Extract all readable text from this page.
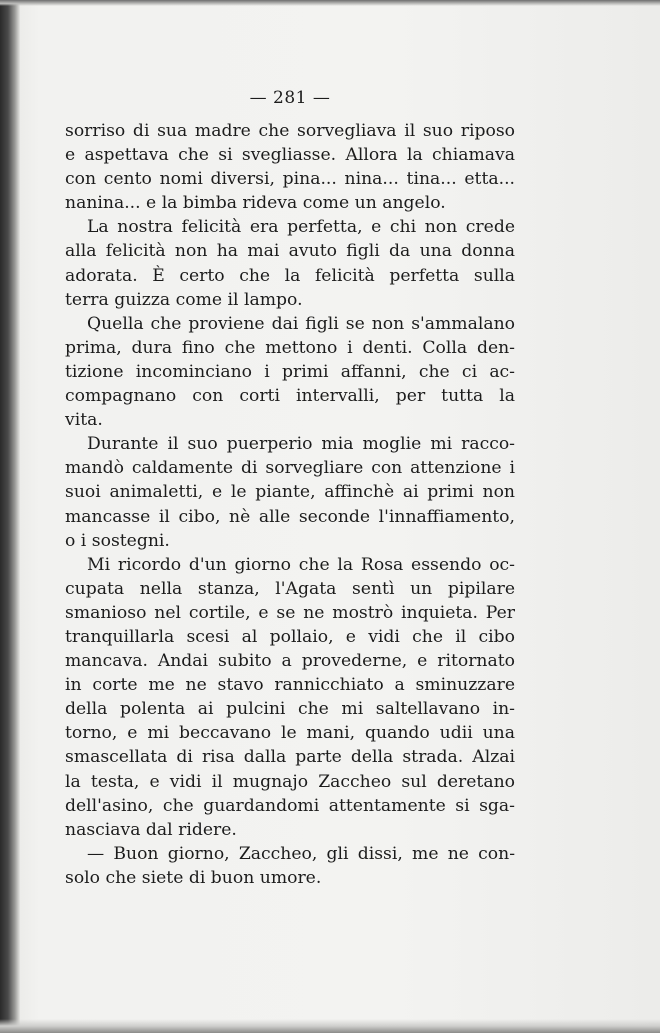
— 281 —
sorriso di sua madre che sorvegliava il suo riposo
e aspettava che si svegliasse. Allora la chiamava
con cento nomi diversi, pina... nina... tina... etta...
nanina... e la bimba rideva come un angelo.
La nostra felicità era perfetta, e chi non crede
alla felicità non ha mai avuto figli da una donna
adorata. È certo che la felicità perfetta sulla
terra guizza come il lampo.
Quella che proviene dai figli se non s'ammalano
prima, dura fino che mettono i denti. Colla den-
tizione incominciano i primi affanni, che ci ac-
compagnano con corti intervalli, per tutta la
vita.
Durante il suo puerperio mia moglie mi racco-
mandò caldamente di sorvegliare con attenzione i
suoi animaletti, e le piante, affinchè ai primi non
mancasse il cibo, nè alle seconde l'innaffiamento,
o i sostegni.
Mi ricordo d'un giorno che la Rosa essendo oc-
cupata nella stanza, l'Agata sentì un pipilare
smanioso nel cortile, e se ne mostrò inquieta. Per
tranquillarla scesi al pollaio, e vidi che il cibo
mancava. Andai subito a provederne, e ritornato
in corte me ne stavo rannicchiato a sminuzzare
della polenta ai pulcini che mi saltellavano in-
torno, e mi beccavano le mani, quando udii una
smascellata di risa dalla parte della strada. Alzai
la testa, e vidi il mugnajo Zaccheo sul deretano
dell'asino, che guardandomi attentamente si sga-
nasciava dal ridere.
— Buon giorno, Zaccheo, gli dissi, me ne con-
solo che siete di buon umore.
